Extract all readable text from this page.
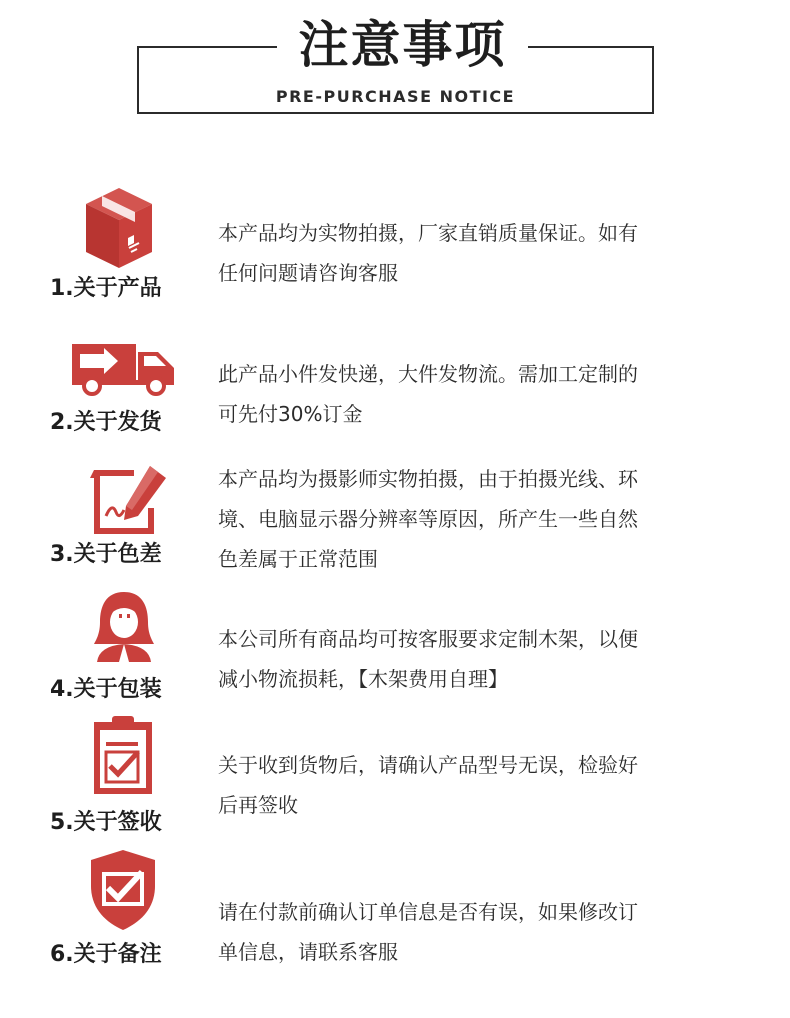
注意事项
PRE-PURCHASE NOTICE
1.关于产品
本产品均为实物拍摄，厂家直销质量保证。如有
任何问题请咨询客服
2.关于发货
此产品小件发快递，大件发物流。需加工定制的
可先付30%订金
3.关于色差
本产品均为摄影师实物拍摄，由于拍摄光线、环
境、电脑显示器分辨率等原因，所产生一些自然
色差属于正常范围
4.关于包装
本公司所有商品均可按客服要求定制木架，以便
减小物流损耗，【木架费用自理】
5.关于签收
关于收到货物后，请确认产品型号无误，检验好
后再签收
6.关于备注
请在付款前确认订单信息是否有误，如果修改订
单信息，请联系客服
